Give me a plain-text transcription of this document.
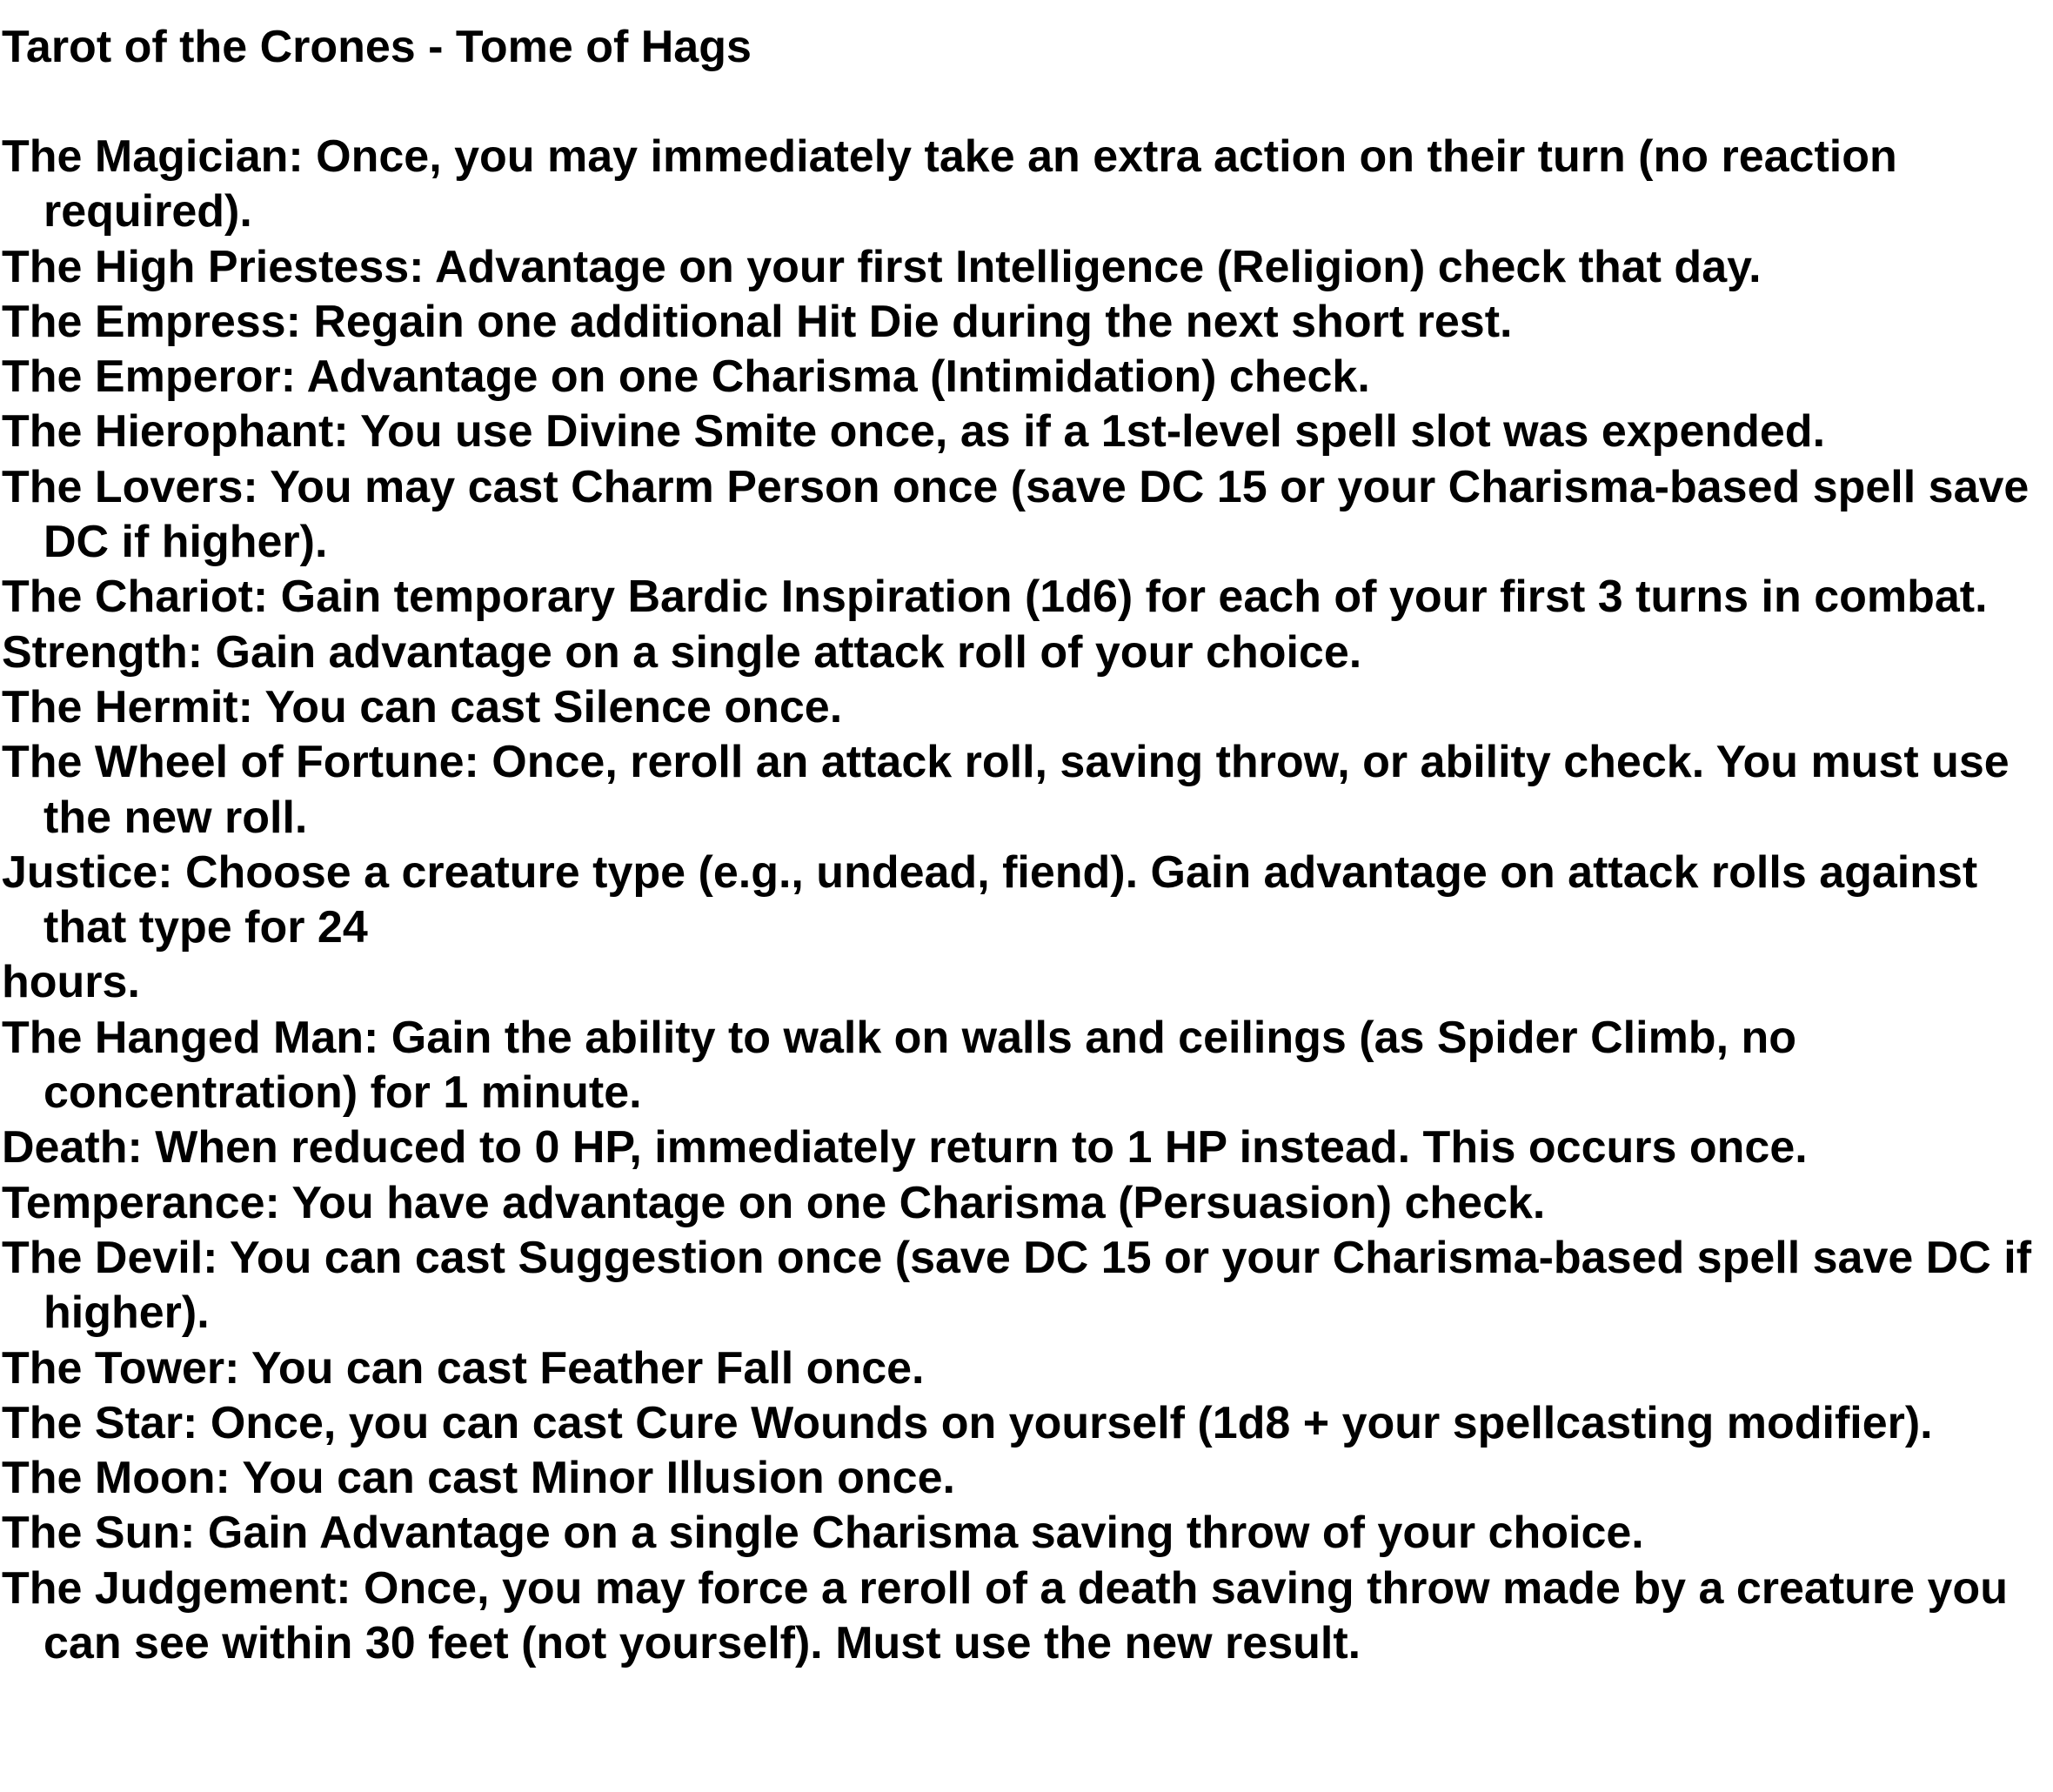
Tarot of the Crones - Tome of Hags
The Magician: Once, you may immediately take an extra action on their turn (no reaction required).
The High Priestess: Advantage on your first Intelligence (Religion) check that day.
The Empress: Regain one additional Hit Die during the next short rest.
The Emperor: Advantage on one Charisma (Intimidation) check.
The Hierophant: You use Divine Smite once, as if a 1st-level spell slot was expended.
The Lovers: You may cast Charm Person once (save DC 15 or your Charisma-based spell save DC if higher).
The Chariot: Gain temporary Bardic Inspiration (1d6) for each of your first 3 turns in combat.
Strength: Gain advantage on a single attack roll of your choice.
The Hermit: You can cast Silence once.
The Wheel of Fortune: Once, reroll an attack roll, saving throw, or ability check. You must use the new roll.
Justice: Choose a creature type (e.g., undead, fiend). Gain advantage on attack rolls against that type for 24
hours.
The Hanged Man: Gain the ability to walk on walls and ceilings (as Spider Climb, no concentration) for 1 minute.
Death: When reduced to 0 HP, immediately return to 1 HP instead. This occurs once.
Temperance: You have advantage on one Charisma (Persuasion) check.
The Devil: You can cast Suggestion once (save DC 15 or your Charisma-based spell save DC if higher).
The Tower: You can cast Feather Fall once.
The Star: Once, you can cast Cure Wounds on yourself (1d8 + your spellcasting modifier).
The Moon: You can cast Minor Illusion once.
The Sun: Gain Advantage on a single Charisma saving throw of your choice.
The Judgement: Once, you may force a reroll of a death saving throw made by a creature you can see within 30 feet (not yourself). Must use the new result.
